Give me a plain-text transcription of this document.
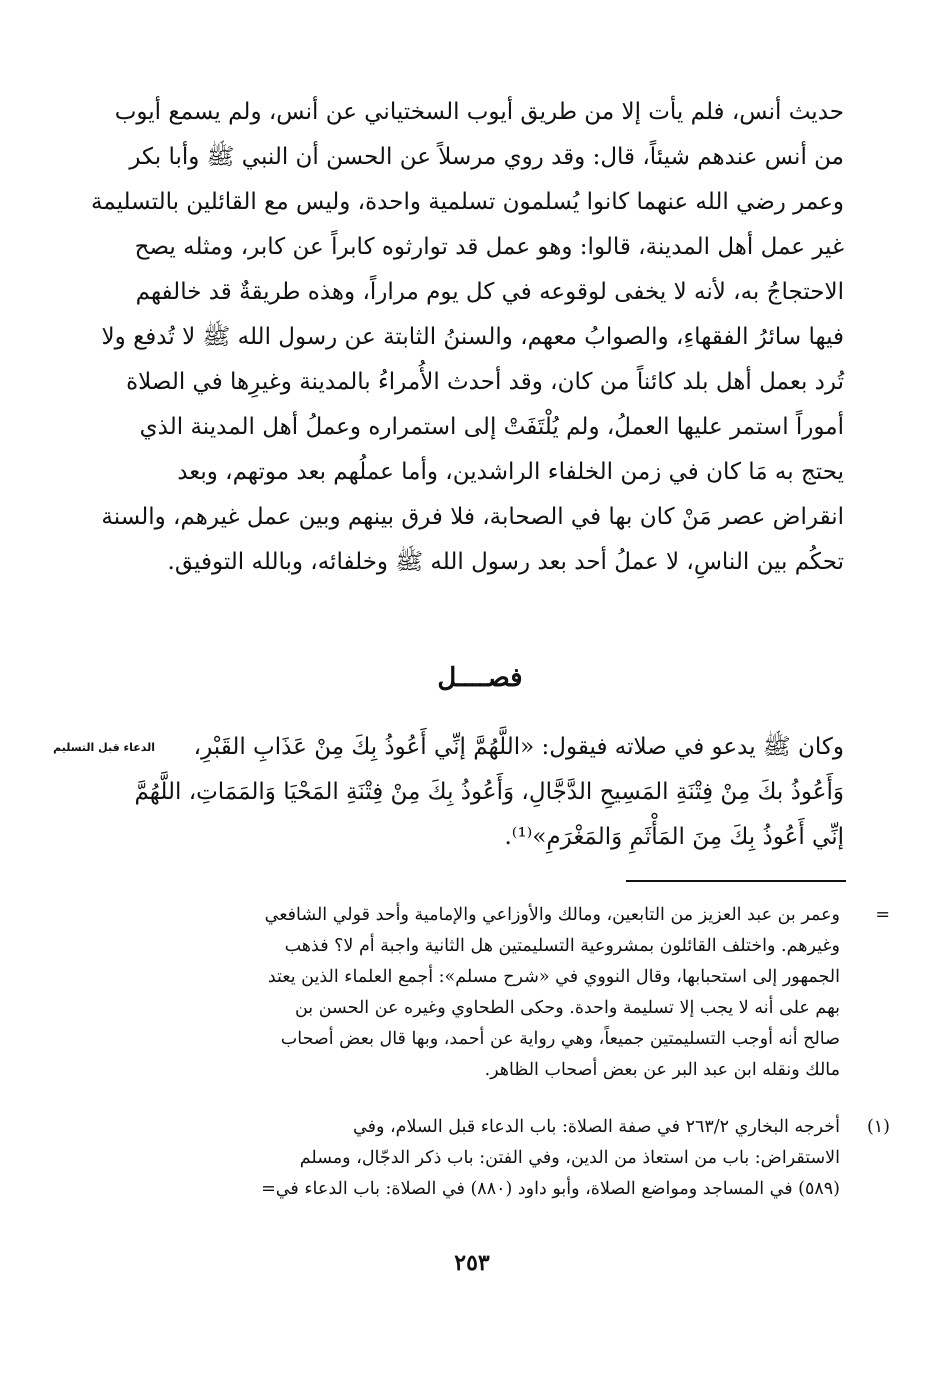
حديث أنس، فلم يأت إلا من طريق أيوب السختياني عن أنس، ولم يسمع أيوب
من أنس عندهم شيئاً، قال: وقد روي مرسلاً عن الحسن أن النبي ﷺ وأبا بكر
وعمر رضي الله عنهما كانوا يُسلمون تسلمية واحدة، وليس مع القائلين بالتسليمة
غير عمل أهل المدينة، قالوا: وهو عمل قد توارثوه كابراً عن كابر، ومثله يصح
الاحتجاجُ به، لأنه لا يخفى لوقوعه في كل يوم مراراً، وهذه طريقةٌ قد خالفهم
فيها سائرُ الفقهاءِ، والصوابُ معهم، والسننُ الثابتة عن رسول الله ﷺ لا تُدفع ولا
تُرد بعمل أهل بلد كائناً من كان، وقد أحدث الأُمراءُ بالمدينة وغيرِها في الصلاة
أموراً استمر عليها العملُ، ولم يُلْتَفَتْ إلى استمراره وعملُ أهل المدينة الذي
يحتج به مَا كان في زمن الخلفاء الراشدين، وأما عملُهم بعد موتهم، وبعد
انقراض عصر مَنْ كان بها في الصحابة، فلا فرق بينهم وبين عمل غيرهم، والسنة
تحكُم بين الناسِ، لا عملُ أحد بعد رسول الله ﷺ وخلفائه، وبالله التوفيق.
فصــــل
الدعاء قبل التسليم	وكان ﷺ يدعو في صلاته فيقول: «اللَّهُمَّ إنِّي أَعُوذُ بِكَ مِنْ عَذَابِ القَبْرِ،
وَأَعُوذُ بكَ مِنْ فِتْنَةِ المَسِيحِ الدَّجَّالِ، وَأَعُوذُ بِكَ مِنْ فِتْنَةِ المَحْيَا وَالمَمَاتِ، اللَّهُمَّ
إنِّي أَعُوذُ بِكَ مِنَ المَأْثَمِ وَالمَغْرَمِ»⁽¹⁾.
=
وعمر بن عبد العزيز من التابعين، ومالك والأوزاعي والإمامية وأحد قولي الشافعي
وغيرهم. واختلف القائلون بمشروعية التسليمتين هل الثانية واجبة أم لا؟ فذهب
الجمهور إلى استحبابها، وقال النووي في «شرح مسلم»: أجمع العلماء الذين يعتد
بهم على أنه لا يجب إلا تسليمة واحدة. وحكى الطحاوي وغيره عن الحسن بن
صالح أنه أوجب التسليمتين جميعاً، وهي رواية عن أحمد، وبها قال بعض أصحاب
مالك ونقله ابن عبد البر عن بعض أصحاب الظاهر.
(١)
أخرجه البخاري ٢٦٣/٢ في صفة الصلاة: باب الدعاء قبل السلام، وفي
الاستقراض: باب من استعاذ من الدين، وفي الفتن: باب ذكر الدجّال، ومسلم
(٥٨٩) في المساجد ومواضع الصلاة، وأبو داود (٨٨٠) في الصلاة: باب الدعاء في=
٢٥٣
